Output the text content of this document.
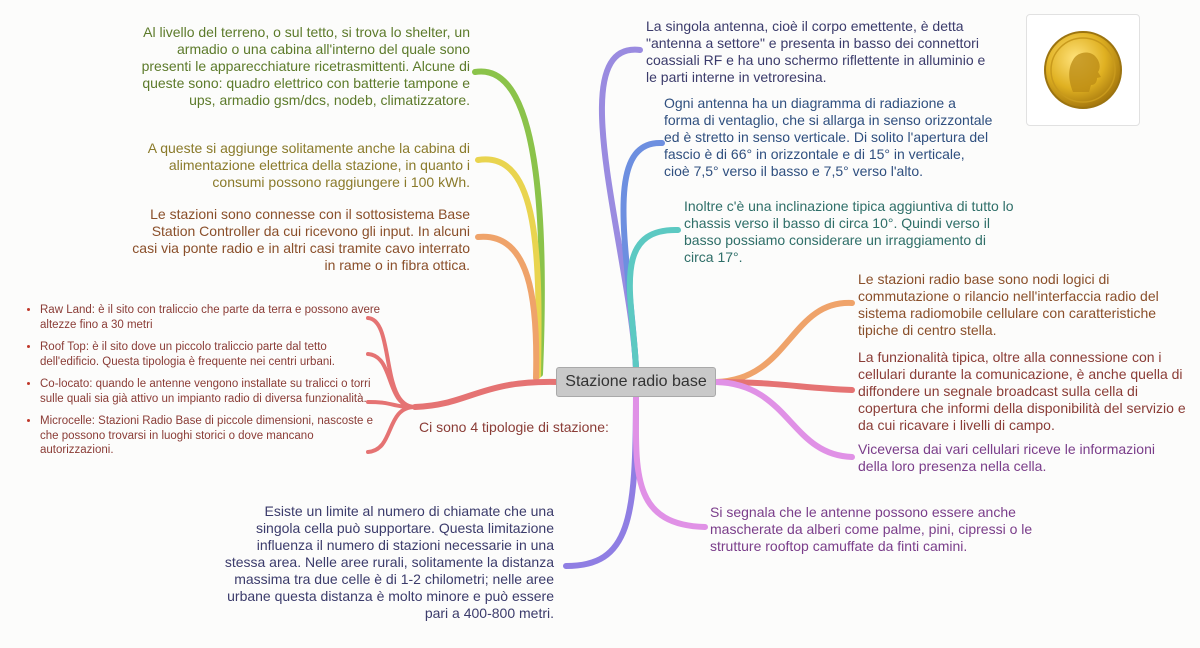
Stazione radio base

Al livello del terreno, o sul tetto, si trova lo shelter, un armadio o una cabina all'interno del quale sono presenti le apparecchiature ricetrasmittenti. Alcune di queste sono: quadro elettrico con batterie tampone e ups, armadio gsm/dcs, nodeb, climatizzatore.

A queste si aggiunge solitamente anche la cabina di alimentazione elettrica della stazione, in quanto i consumi possono raggiungere i 100 kWh.

Le stazioni sono connesse con il sottosistema Base Station Controller da cui ricevono gli input. In alcuni casi via ponte radio e in altri casi tramite cavo interrato in rame o in fibra ottica.

• Raw Land: è il sito con traliccio che parte da terra e possono avere altezze fino a 30 metri
• Roof Top: è il sito dove un piccolo traliccio parte dal tetto dell'edificio. Questa tipologia è frequente nei centri urbani.
• Co-locato: quando le antenne vengono installate su tralicci o torri sulle quali sia già attivo un impianto radio di diversa funzionalità.
• Microcelle: Stazioni Radio Base di piccole dimensioni, nascoste e che possono trovarsi in luoghi storici o dove mancano autorizzazioni.
Ci sono 4 tipologie di stazione:

Esiste un limite al numero di chiamate che una singola cella può supportare. Questa limitazione influenza il numero di stazioni necessarie in una stessa area. Nelle aree rurali, solitamente la distanza massima tra due celle è di 1-2 chilometri; nelle aree urbane questa distanza è molto minore e può essere pari a 400-800 metri.

La singola antenna, cioè il corpo emettente, è detta "antenna a settore" e presenta in basso dei connettori coassiali RF e ha uno schermo riflettente in alluminio e le parti interne in vetroresina.

Ogni antenna ha un diagramma di radiazione a forma di ventaglio, che si allarga in senso orizzontale ed è stretto in senso verticale. Di solito l'apertura del fascio è di 66° in orizzontale e di 15° in verticale, cioè 7,5° verso il basso e 7,5° verso l'alto.

Inoltre c'è una inclinazione tipica aggiuntiva di tutto lo chassis verso il basso di circa 10°. Quindi verso il basso possiamo considerare un irraggiamento di circa 17°.

Le stazioni radio base sono nodi logici di commutazione o rilancio nell'interfaccia radio del sistema radiomobile cellulare con caratteristiche tipiche di centro stella.

La funzionalità tipica, oltre alla connessione con i cellulari durante la comunicazione, è anche quella di diffondere un segnale broadcast sulla cella di copertura che informi della disponibilità del servizio e da cui ricavare i livelli di campo.

Viceversa dai vari cellulari riceve le informazioni della loro presenza nella cella.

Si segnala che le antenne possono essere anche mascherate da alberi come palme, pini, cipressi o le strutture rooftop camuffate da finti camini.
